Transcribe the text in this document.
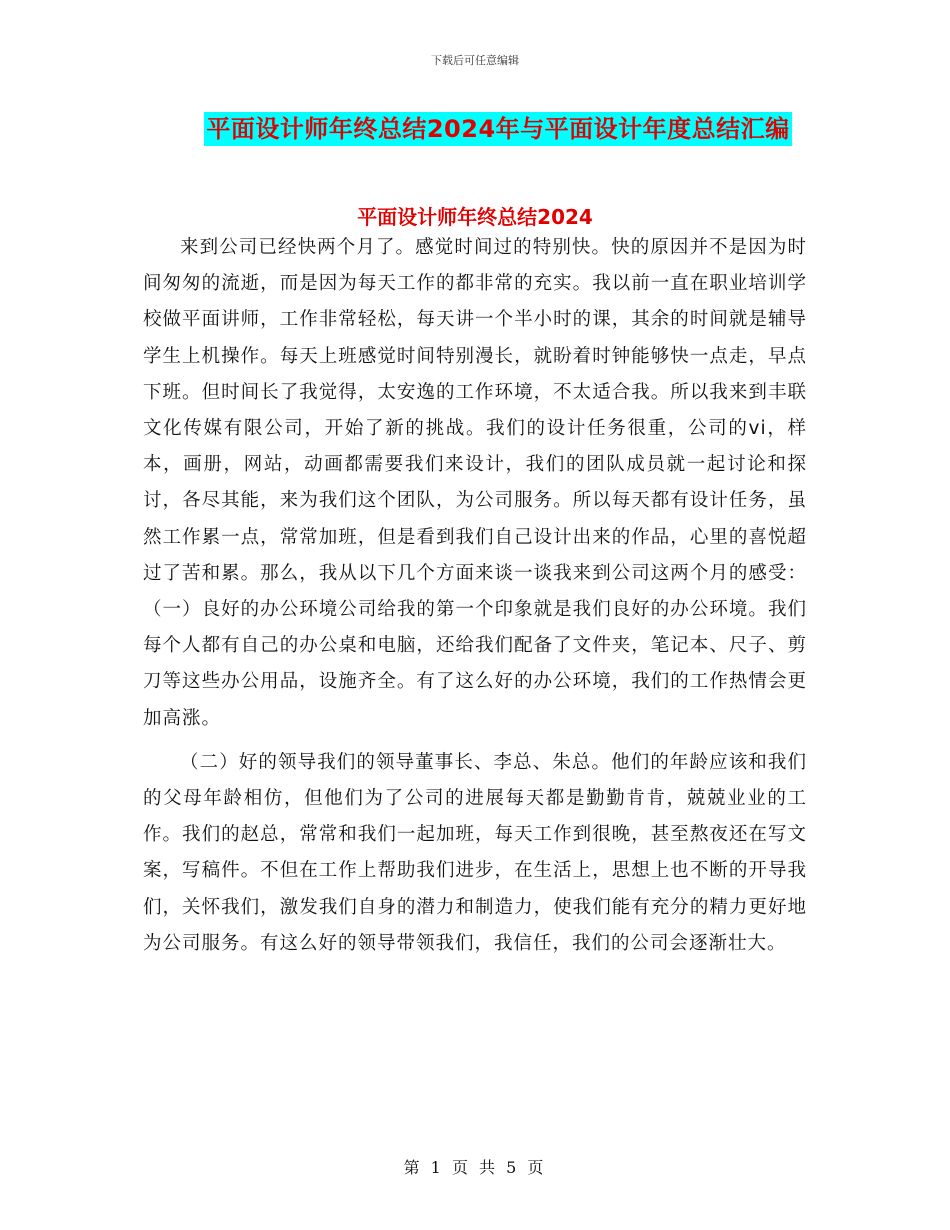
下载后可任意编辑
平面设计师年终总结2024年与平面设计年度总结汇编
平面设计师年终总结2024

来到公司已经快两个月了。感觉时间过的特别快。快的原因并不是因为时间匆匆的流逝，而是因为每天工作的都非常的充实。我以前一直在职业培训学校做平面讲师，工作非常轻松，每天讲一个半小时的课，其余的时间就是辅导学生上机操作。每天上班感觉时间特别漫长，就盼着时钟能够快一点走，早点下班。但时间长了我觉得，太安逸的工作环境，不太适合我。所以我来到丰联文化传媒有限公司，开始了新的挑战。我们的设计任务很重，公司的vi，样本，画册，网站，动画都需要我们来设计，我们的团队成员就一起讨论和探讨，各尽其能，来为我们这个团队，为公司服务。所以每天都有设计任务，虽然工作累一点，常常加班，但是看到我们自己设计出来的作品，心里的喜悦超过了苦和累。那么，我从以下几个方面来谈一谈我来到公司这两个月的感受：（一）良好的办公环境公司给我的第一个印象就是我们良好的办公环境。我们每个人都有自己的办公桌和电脑，还给我们配备了文件夹，笔记本、尺子、剪刀等这些办公用品，设施齐全。有了这么好的办公环境，我们的工作热情会更加高涨。

（二）好的领导我们的领导董事长、李总、朱总。他们的年龄应该和我们的父母年龄相仿，但他们为了公司的进展每天都是勤勤肯肯，兢兢业业的工作。我们的赵总，常常和我们一起加班，每天工作到很晚，甚至熬夜还在写文案，写稿件。不但在工作上帮助我们进步，在生活上，思想上也不断的开导我们，关怀我们，激发我们自身的潜力和制造力，使我们能有充分的精力更好地为公司服务。有这么好的领导带领我们，我信任，我们的公司会逐渐壮大。

第 1 页 共 5 页
